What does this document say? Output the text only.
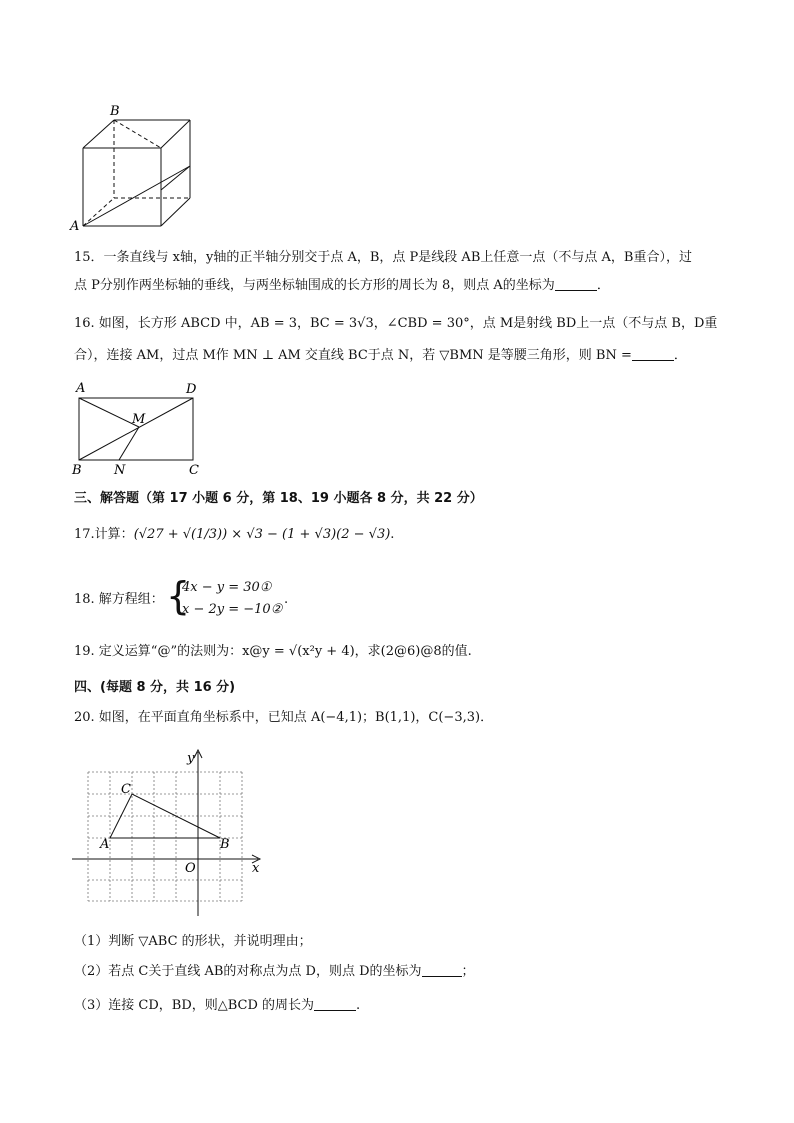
B
A
15．一条直线与 x轴，y轴的正半轴分别交于点 A，B，点 P是线段 AB上任意一点（不与点 A，B重合），过
点 P分别作两坐标轴的垂线，与两坐标轴围成的长方形的周长为 8，则点 A的坐标为	．
16. 如图，长方形 ABCD 中，AB = 3，BC = 3√3，∠CBD = 30°，点 M是射线 BD上一点（不与点 B，D重
合），连接 AM，过点 M作 MN ⊥ AM 交直线 BC于点 N，若 ▽BMN 是等腰三角形，则 BN =	．
A	D
M
B N	C
三、解答题（第 17 小题 6 分，第 18、19 小题各 8 分，共 22 分）
17.计算：(√27 + √(1/3)) × √3 − (1 + √3)(2 − √3).
18. 解方程组： {
4x − y = 30①
x − 2y = −10②
.
19. 定义运算“@”的法则为：x@y = √(x²y + 4)，求(2@6)@8的值.
四、(每题 8 分，共 16 分)
20. 如图，在平面直角坐标系中，已知点 A(−4,1)；B(1,1)，C(−3,3)．
y
x
O
A	B
C
（1）判断 ▽ABC 的形状，并说明理由；
（2）若点 C关于直线 AB的对称点为点 D，则点 D的坐标为	；
（3）连接 CD，BD，则△BCD 的周长为	.
